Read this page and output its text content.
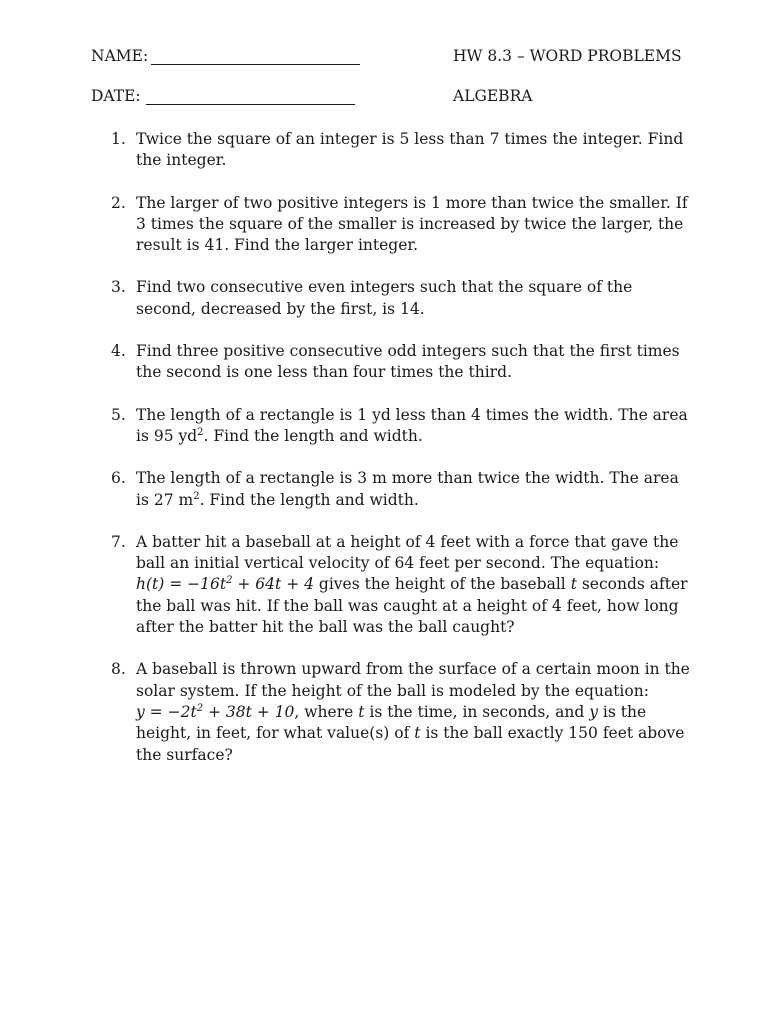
NAME:	HW 8.3 – WORD PROBLEMS
DATE:	ALGEBRA
1. Twice the square of an integer is 5 less than 7 times the integer. Find the integer.

2. The larger of two positive integers is 1 more than twice the smaller. If 3 times the square of the smaller is increased by twice the larger, the result is 41. Find the larger integer.

3. Find two consecutive even integers such that the square of the second, decreased by the first, is 14.

4. Find three positive consecutive odd integers such that the first times the second is one less than four times the third.

5. The length of a rectangle is 1 yd less than 4 times the width. The area is 95 $yd^2$. Find the length and width.

6. The length of a rectangle is 3 m more than twice the width. The area is 27 $m^2$. Find the length and width.

7. A batter hit a baseball at a height of 4 feet with a force that gave the ball an initial vertical velocity of 64 feet per second. The equation:
$h(t) = -16t^2 + 64t + 4$ gives the height of the baseball t seconds after the ball was hit. If the ball was caught at a height of 4 feet, how long after the batter hit the ball was the ball caught?

8. A baseball is thrown upward from the surface of a certain moon in the solar system. If the height of the ball is modeled by the equation:
$y = -2t^2 + 38t + 10$, where t is the time, in seconds, and y is the height, in feet, for what value(s) of t is the ball exactly 150 feet above the surface?
